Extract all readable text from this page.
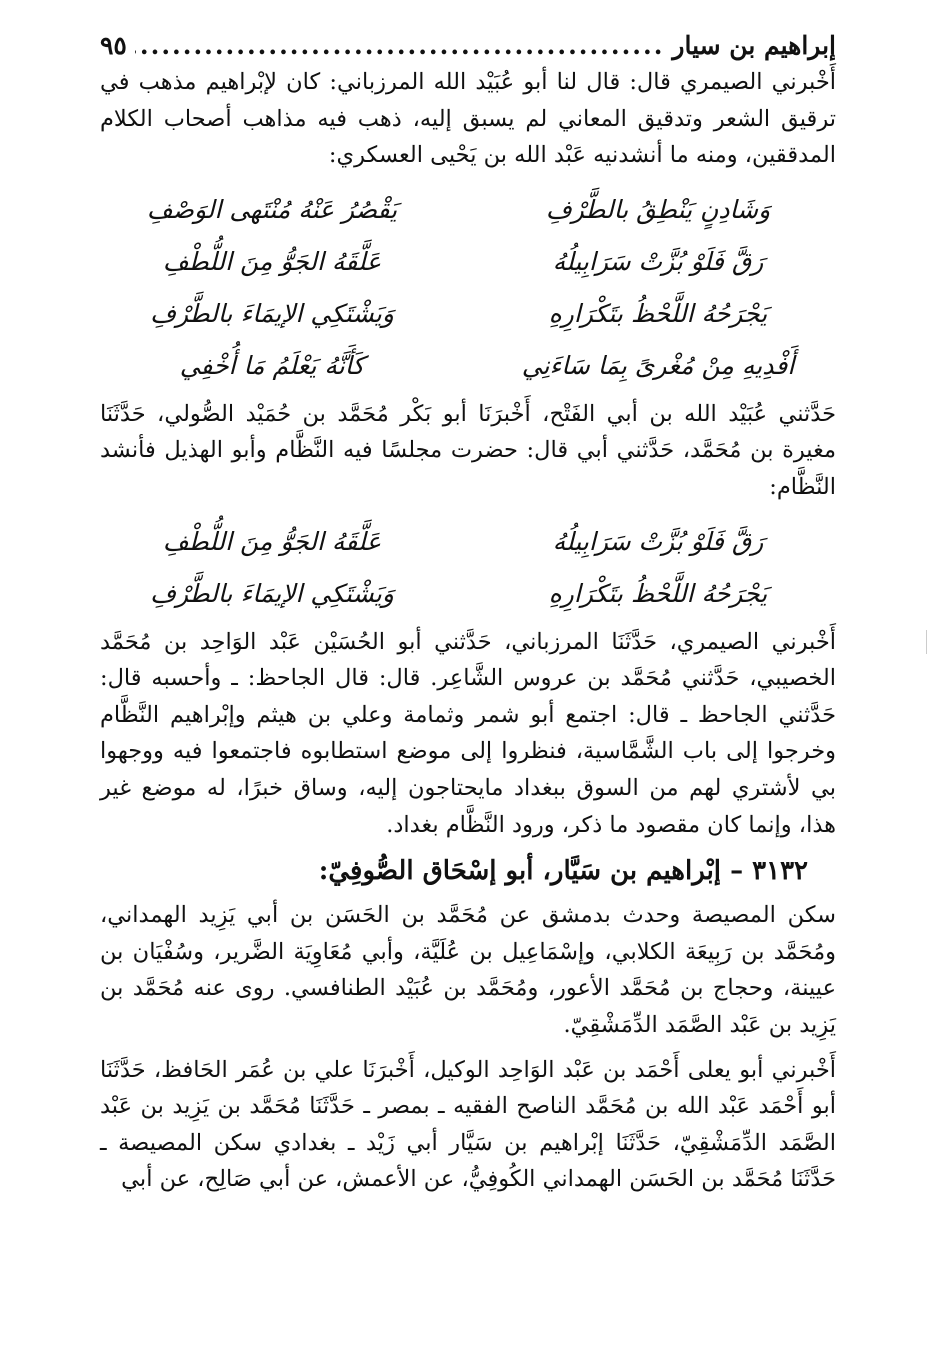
إبراهيم بن سيار
.....
٩٥

أَخْبرني الصيمري قال: قال لنا أبو عُبَيْد الله المرزباني: كان لإبْراهيم مذهب في ترقيق الشعر وتدقيق المعاني لم يسبق إليه، ذهب فيه مذاهب أصحاب الكلام المدققين، ومنه ما أنشدنيه عَبْد الله بن يَحْيى العسكري:

وَشَادِنٍ يَنْطِقُ بالطَّرْفِ
يَقْصُرُ عَنْهُ مُنْتَهى الوَصْفِ
رَقَّ فَلَوْ بُزَّتْ سَرَابِيلُهُ
عَلَّقَهُ الجَوُّ مِنَ اللُّطْفِ
يَجْرَحُهُ اللَّحْظُ بتَكْرَارِهِ
وَيَشْتَكِي الإيمَاءَ بالطَّرْفِ
أَفْدِيهِ مِنْ مُغْرىً بِمَا سَاءَنِي
كَأَنَّهُ يَعْلَمُ مَا أُخْفِي

حَدَّثني عُبَيْد الله بن أبي الفَتْح، أَخْبرَنَا أبو بَكْر مُحَمَّد بن حُمَيْد الصُّولي، حَدَّثَنَا مغيرة بن مُحَمَّد، حَدَّثني أبي قال: حضرت مجلسًا فيه النَّظَّام وأبو الهذيل فأنشد النَّظَّام:

رَقَّ فَلَوْ بُزَّتْ سَرَابِيلُهُ
عَلَّقَهُ الجَوُّ مِنَ اللُّطْفِ
يَجْرَحُهُ اللَّحْظُ بتَكْرَارِهِ
وَيَشْتَكِي الإيمَاءَ بالطَّرْفِ

أَخْبرني الصيمري، حَدَّثَنَا المرزباني، حَدَّثني أبو الحُسَيْن عَبْد الوَاحِد بن مُحَمَّد الخصيبي، حَدَّثني مُحَمَّد بن عروس الشَّاعِر. قال: قال الجاحظ: ـ وأحسبه قال: حَدَّثني الجاحظ ـ قال: اجتمع أبو شمر وثمامة وعلي بن هيثم وإبْراهيم النَّظَّام وخرجوا إلى باب الشَّمَّاسية، فنظروا إلى موضع استطابوه فاجتمعوا فيه ووجهوا بي لأشتري لهم من السوق ببغداد مايحتاجون إليه، وساق خبرًا، له موضع غير هذا، وإنما كان مقصود ما ذكر، ورود النَّظَّام بغداد.

٣١٣٢ – إبْراهيم بن سَيَّار، أبو إسْحَاق الصُّوفِيّ:

سكن المصيصة وحدث بدمشق عن مُحَمَّد بن الحَسَن بن أبي يَزِيد الهمداني، ومُحَمَّد بن رَبِيعَة الكلابي، وإسْمَاعِيل بن عُلَيَّة، وأبي مُعَاوِيَة الضَّرير، وسُفْيَان بن عيينة، وحجاج بن مُحَمَّد الأعور، ومُحَمَّد بن عُبَيْد الطنافسي. روى عنه مُحَمَّد بن يَزِيد بن عَبْد الصَّمَد الدِّمَشْقِيّ.

أَخْبرني أبو يعلى أَحْمَد بن عَبْد الوَاحِد الوكيل، أَخْبرَنَا علي بن عُمَر الحَافظ، حَدَّثَنَا أبو أَحْمَد عَبْد الله بن مُحَمَّد الناصح الفقيه ـ بمصر ـ حَدَّثَنَا مُحَمَّد بن يَزِيد بن عَبْد الصَّمَد الدِّمَشْقِيّ، حَدَّثَنَا إبْراهيم بن سَيَّار أبي زَيْد ـ بغدادي سكن المصيصة ـ حَدَّثَنَا مُحَمَّد بن الحَسَن الهمداني الكُوفِيُّ، عن الأعمش، عن أبي صَالِح، عن أبي
